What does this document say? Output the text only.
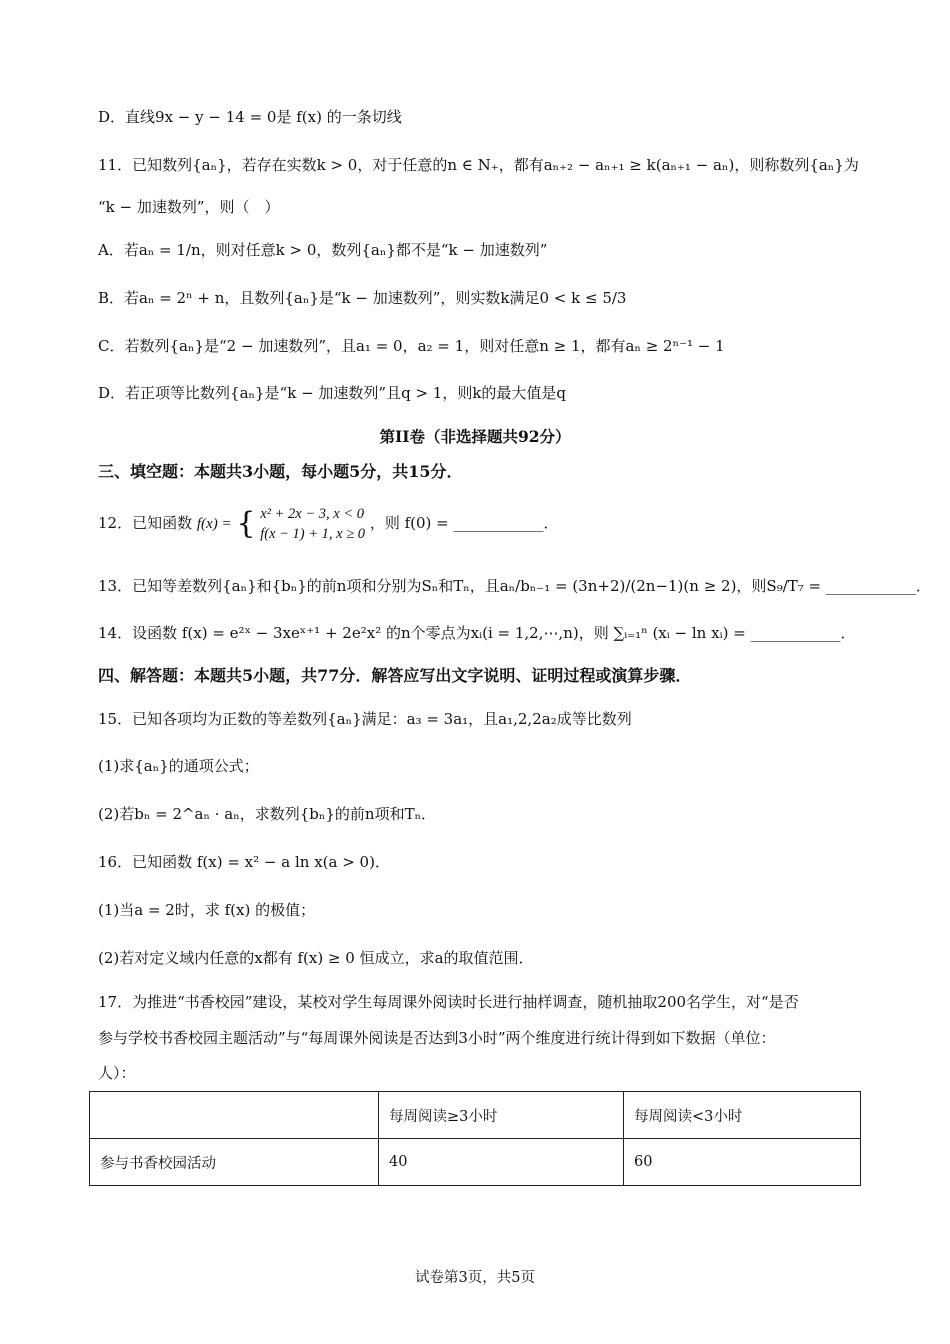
D．直线9x − y − 14 = 0是 f(x) 的一条切线
11．已知数列{aₙ}，若存在实数k > 0，对于任意的n ∈ N₊，都有aₙ₊₂ − aₙ₊₁ ≥ k(aₙ₊₁ − aₙ)，则称数列{aₙ}为
“k − 加速数列”，则（　）
A．若aₙ = 1/n，则对任意k > 0，数列{aₙ}都不是“k − 加速数列”
B．若aₙ = 2ⁿ + n，且数列{aₙ}是“k − 加速数列”，则实数k满足0 < k ≤ 5/3
C．若数列{aₙ}是“2 − 加速数列”，且a₁ = 0，a₂ = 1，则对任意n ≥ 1，都有aₙ ≥ 2ⁿ⁻¹ − 1
D．若正项等比数列{aₙ}是“k − 加速数列”且q > 1，则k的最大值是q
第II卷（非选择题共92分）
三、填空题：本题共3小题，每小题5分，共15分．
12．已知函数 f(x) = { x² + 2x − 3, x < 0
f(x − 1) + 1, x ≥ 0
，则 f(0) = ____________．
13．已知等差数列{aₙ}和{bₙ}的前n项和分别为Sₙ和Tₙ，且aₙ/bₙ₋₁ = (3n+2)/(2n−1)(n ≥ 2)，则S₉/T₇ = ____________．
14．设函数 f(x) = e²ˣ − 3xeˣ⁺¹ + 2e²x² 的n个零点为xᵢ(i = 1,2,⋯,n)，则 ∑ᵢ₌₁ⁿ (xᵢ − ln xᵢ) = ____________．
四、解答题：本题共5小题，共77分．解答应写出文字说明、证明过程或演算步骤．
15．已知各项均为正数的等差数列{aₙ}满足：a₃ = 3a₁，且a₁,2,2a₂成等比数列
(1)求{aₙ}的通项公式；
(2)若bₙ = 2^aₙ · aₙ，求数列{bₙ}的前n项和Tₙ．
16．已知函数 f(x) = x² − a ln x(a > 0)．
(1)当a = 2时，求 f(x) 的极值；
(2)若对定义域内任意的x都有 f(x) ≥ 0 恒成立，求a的取值范围．
17．为推进“书香校园”建设，某校对学生每周课外阅读时长进行抽样调查，随机抽取200名学生，对“是否
参与学校书香校园主题活动”与“每周课外阅读是否达到3小时”两个维度进行统计得到如下数据（单位：
人）：
	每周阅读≥3小时	每周阅读<3小时
参与书香校园活动	40	60
试卷第3页，共5页
